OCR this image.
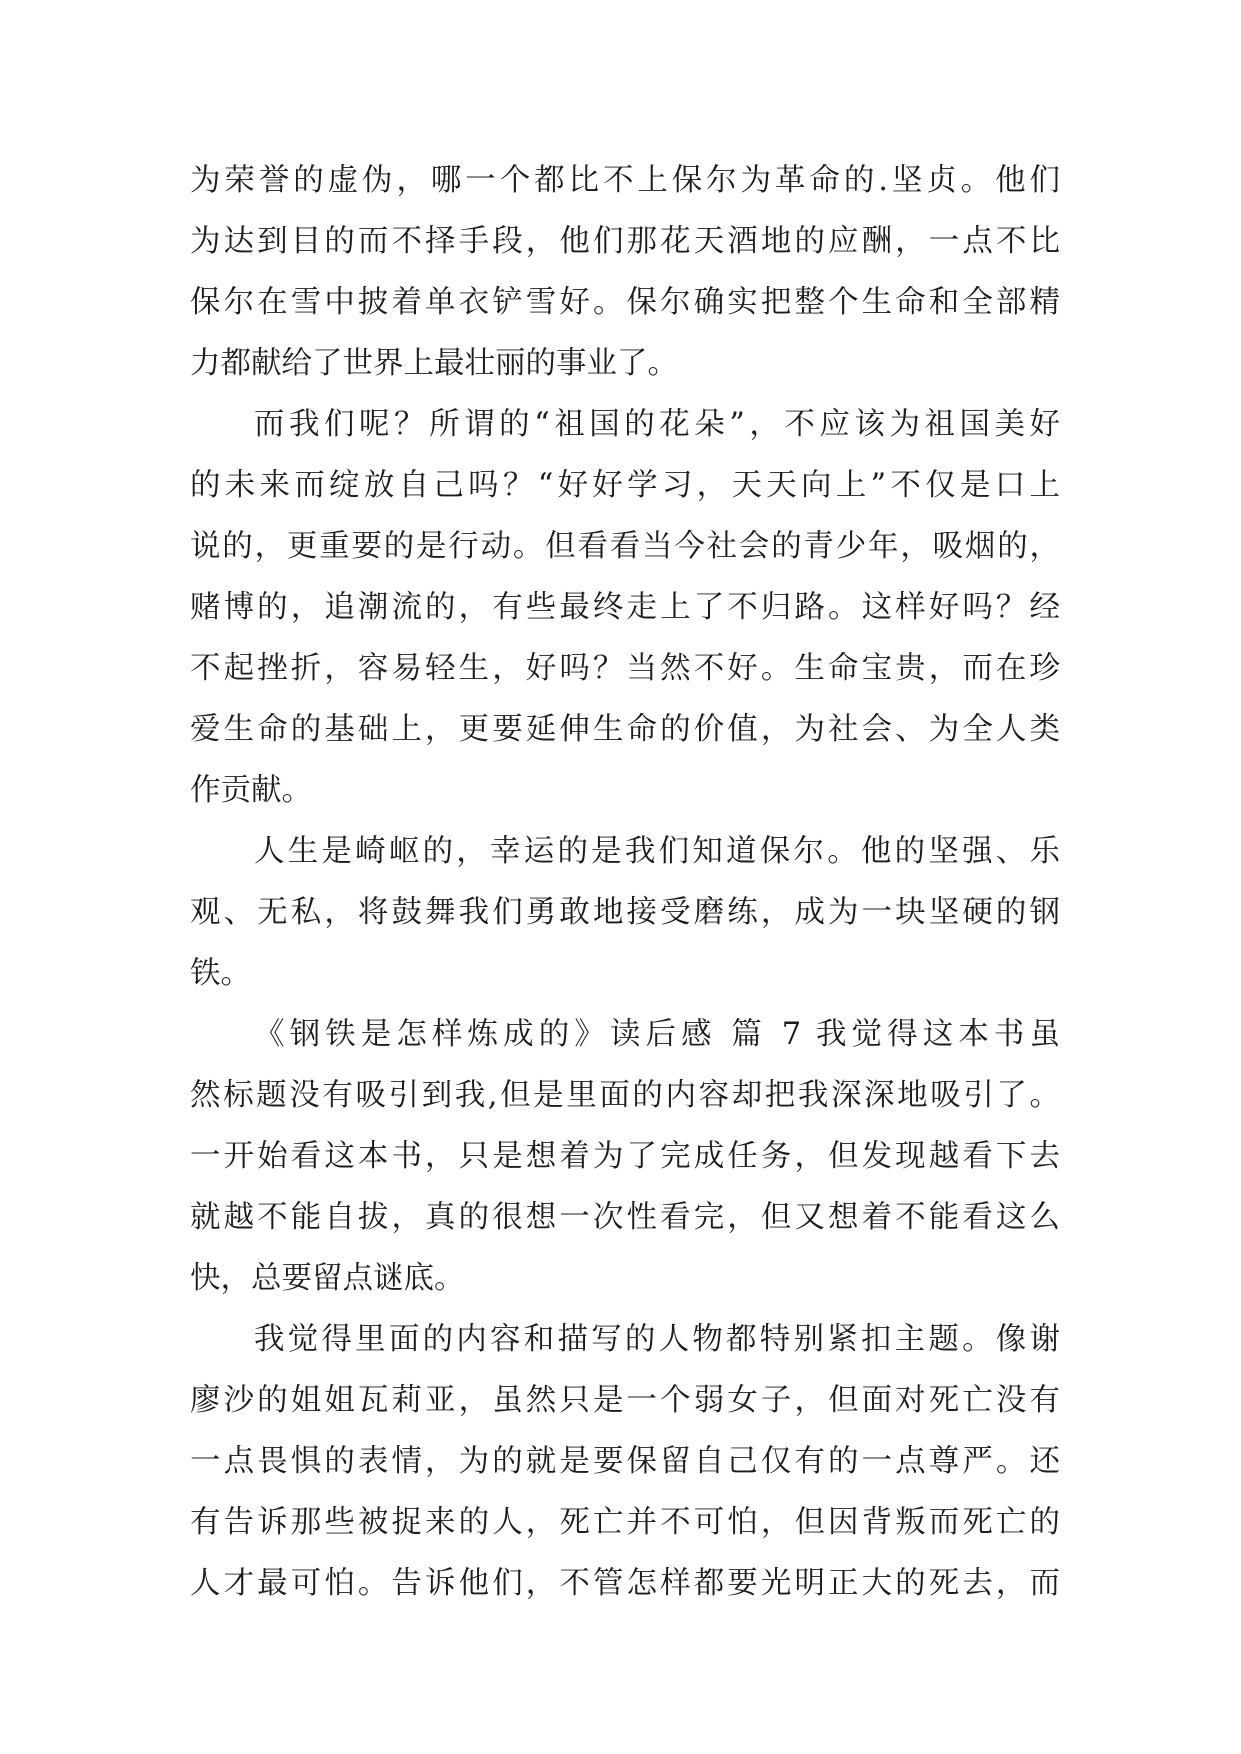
为荣誉的虚伪，哪一个都比不上保尔为革命的.坚贞。他们
为达到目的而不择手段，他们那花天酒地的应酬，一点不比
保尔在雪中披着单衣铲雪好。保尔确实把整个生命和全部精
力都献给了世界上最壮丽的事业了。
而我们呢？所谓的“祖国的花朵”，不应该为祖国美好
的未来而绽放自己吗？“好好学习，天天向上”不仅是口上
说的，更重要的是行动。但看看当今社会的青少年，吸烟的，
赌博的，追潮流的，有些最终走上了不归路。这样好吗？经
不起挫折，容易轻生，好吗？当然不好。生命宝贵，而在珍
爱生命的基础上，更要延伸生命的价值，为社会、为全人类
作贡献。
人生是崎岖的，幸运的是我们知道保尔。他的坚强、乐
观、无私，将鼓舞我们勇敢地接受磨练，成为一块坚硬的钢
铁。
《钢铁是怎样炼成的》读后感 篇 7 我觉得这本书虽
然标题没有吸引到我,但是里面的内容却把我深深地吸引了。
一开始看这本书，只是想着为了完成任务，但发现越看下去
就越不能自拔，真的很想一次性看完，但又想着不能看这么
快，总要留点谜底。
我觉得里面的内容和描写的人物都特别紧扣主题。像谢
廖沙的姐姐瓦莉亚，虽然只是一个弱女子，但面对死亡没有
一点畏惧的表情，为的就是要保留自己仅有的一点尊严。还
有告诉那些被捉来的人，死亡并不可怕，但因背叛而死亡的
人才最可怕。告诉他们，不管怎样都要光明正大的死去，而
